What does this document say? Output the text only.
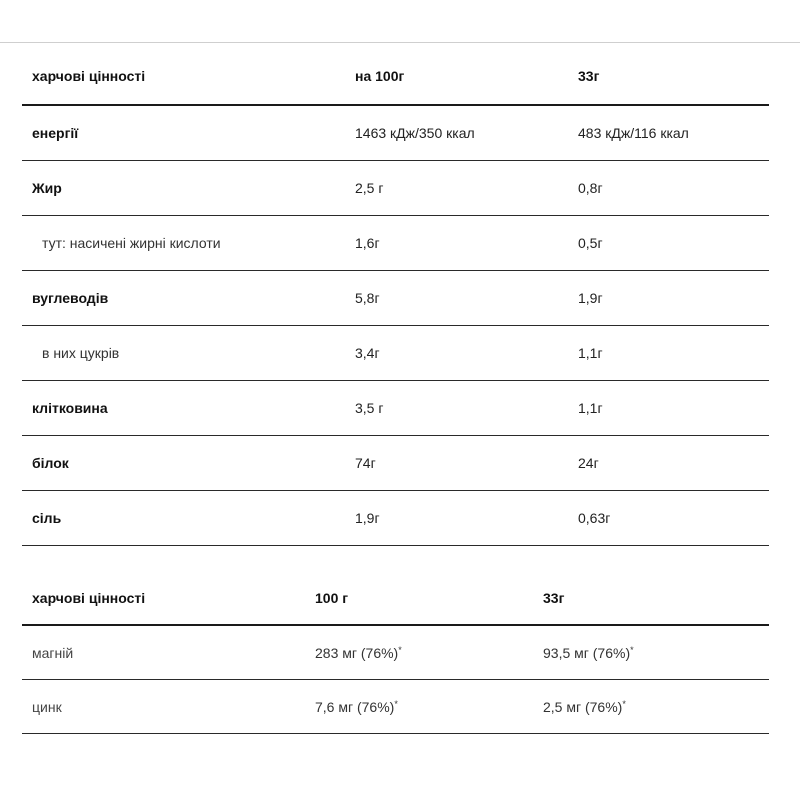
харчові цінності	на 100г	33г
енергії	1463 кДж/350 ккал	483 кДж/116 ккал
Жир	2,5 г	0,8г
тут: насичені жирні кислоти	1,6г	0,5г
вуглеводів	5,8г	1,9г
в них цукрів	3,4г	1,1г
клітковина	3,5 г	1,1г
білок	74г	24г
сіль	1,9г	0,63г
харчові цінності	100 г	33г
магній	283 мг (76%)*	93,5 мг (76%)*
цинк	7,6 мг (76%)*	2,5 мг (76%)*
